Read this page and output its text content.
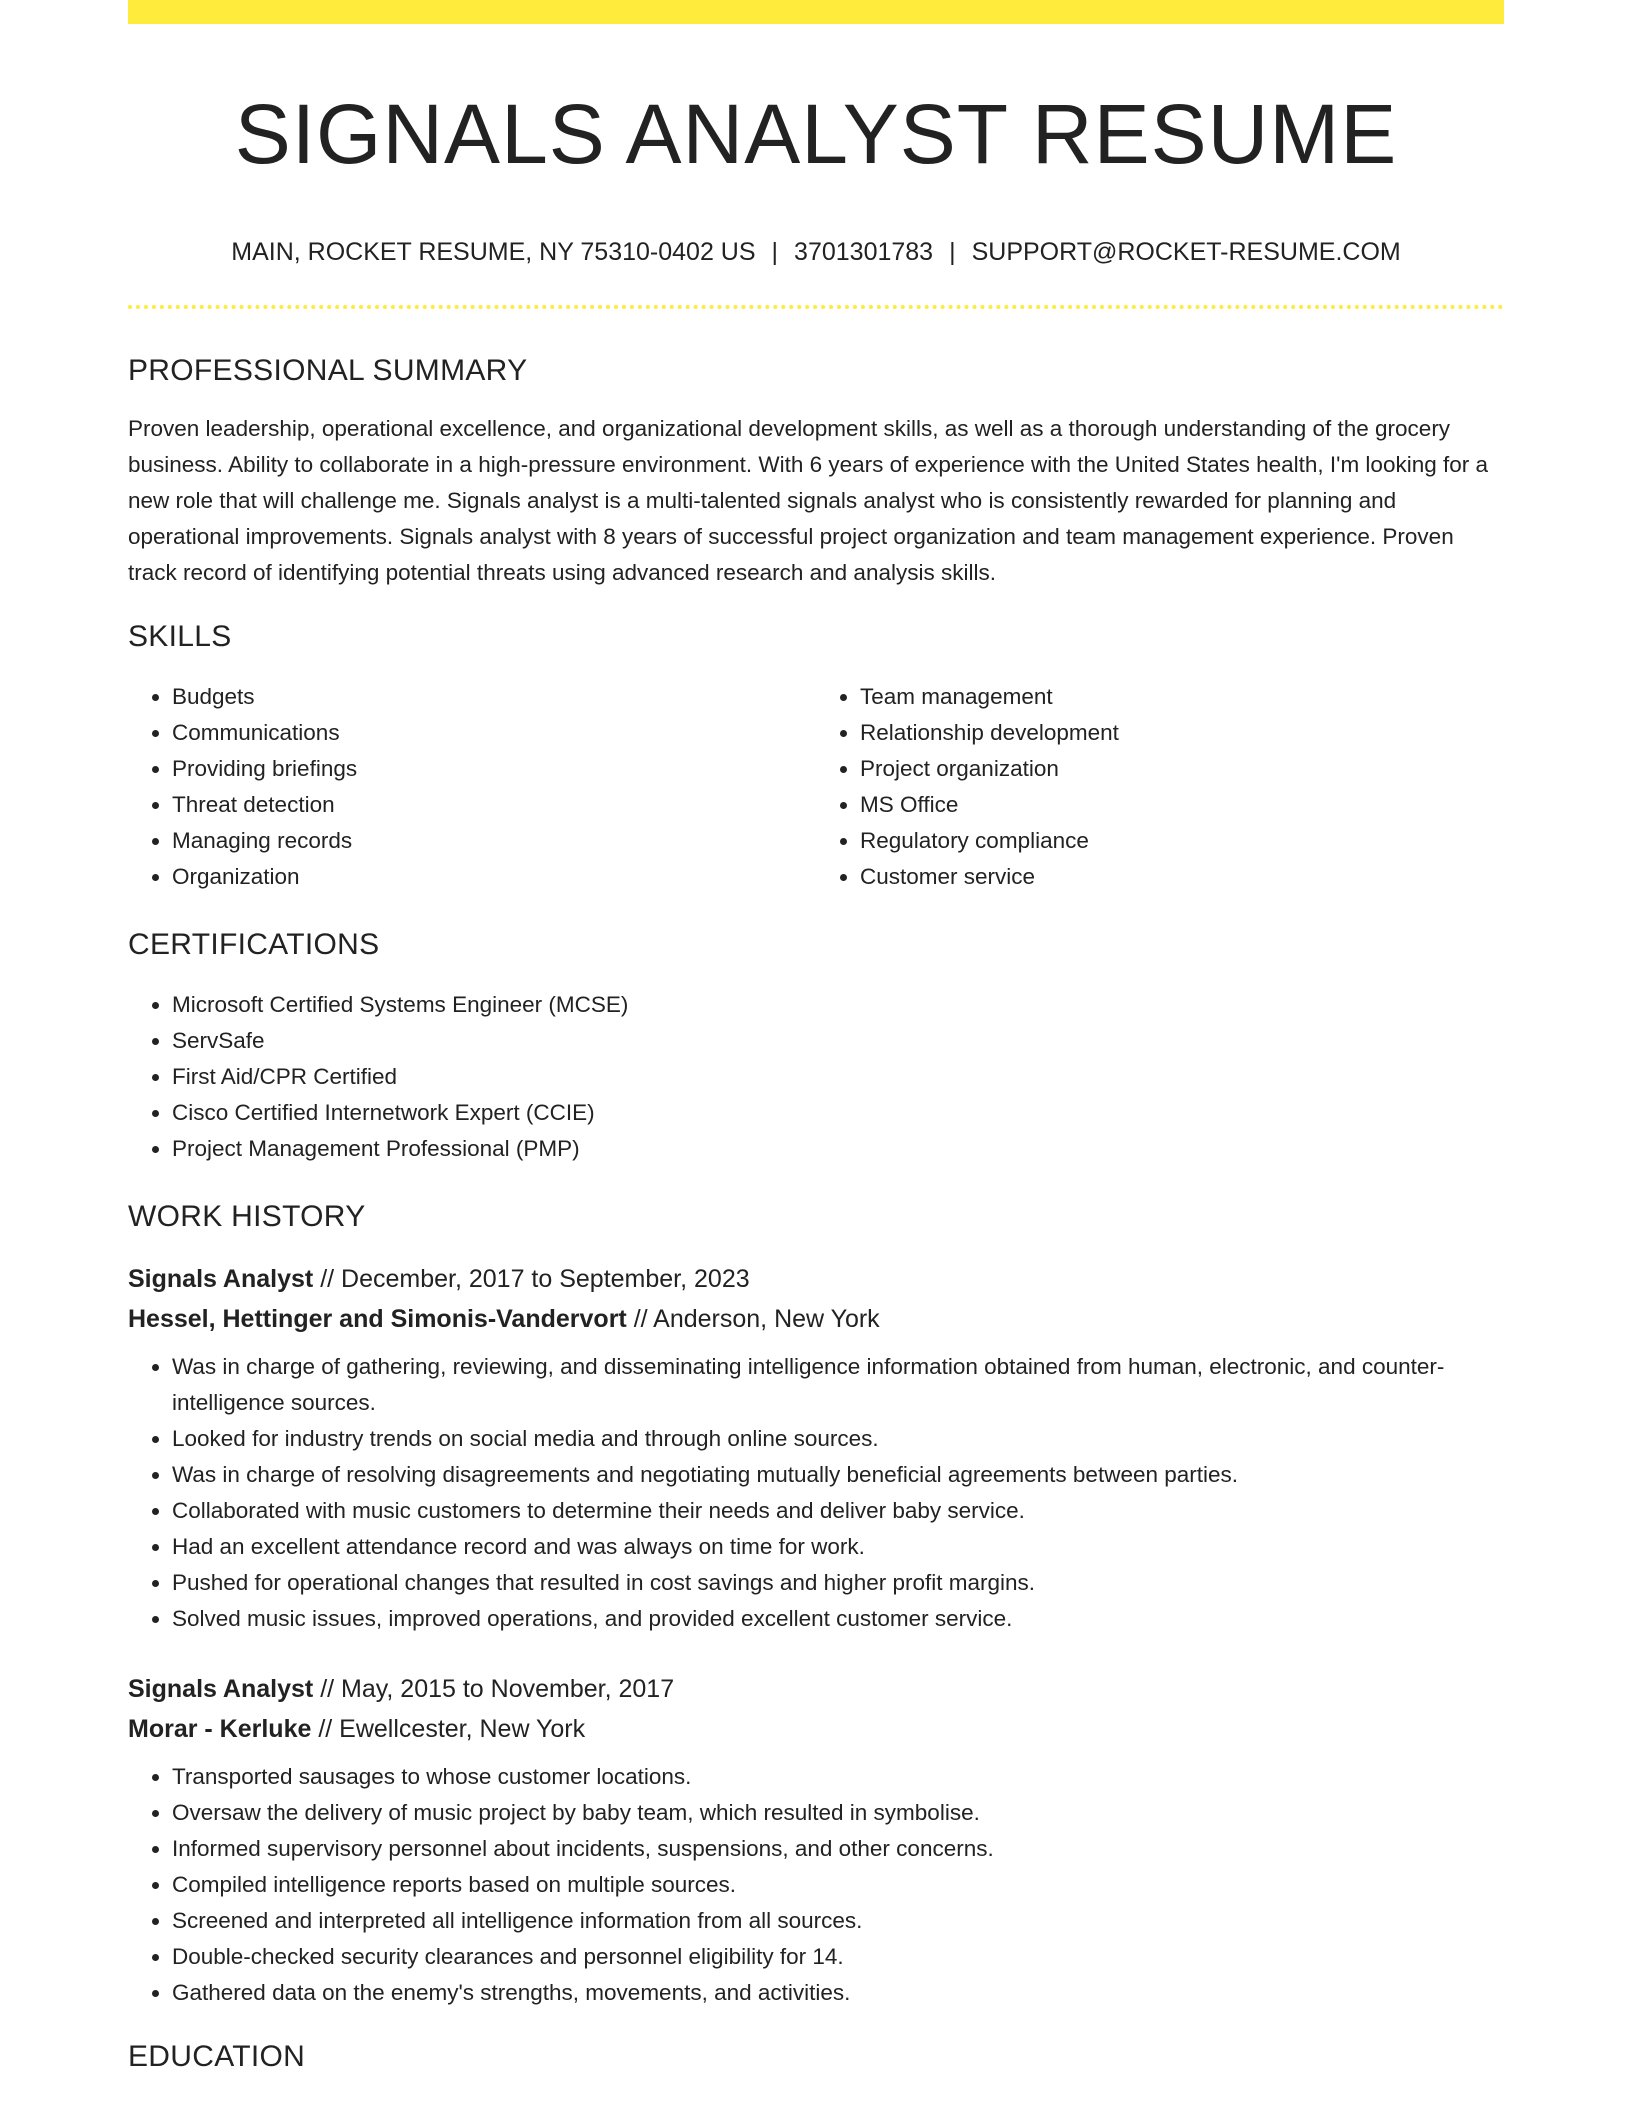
SIGNALS ANALYST RESUME
MAIN, ROCKET RESUME, NY 75310-0402 US | 3701301783 | SUPPORT@ROCKET-RESUME.COM
PROFESSIONAL SUMMARY
Proven leadership, operational excellence, and organizational development skills, as well as a thorough understanding of the grocery business. Ability to collaborate in a high-pressure environment. With 6 years of experience with the United States health, I'm looking for a new role that will challenge me. Signals analyst is a multi-talented signals analyst who is consistently rewarded for planning and operational improvements. Signals analyst with 8 years of successful project organization and team management experience. Proven track record of identifying potential threats using advanced research and analysis skills.
SKILLS
• Budgets
• Communications
• Providing briefings
• Threat detection
• Managing records
• Organization
• Team management
• Relationship development
• Project organization
• MS Office
• Regulatory compliance
• Customer service
CERTIFICATIONS
• Microsoft Certified Systems Engineer (MCSE)
• ServSafe
• First Aid/CPR Certified
• Cisco Certified Internetwork Expert (CCIE)
• Project Management Professional (PMP)
WORK HISTORY
Signals Analyst // December, 2017 to September, 2023
Hessel, Hettinger and Simonis-Vandervort // Anderson, New York
• Was in charge of gathering, reviewing, and disseminating intelligence information obtained from human, electronic, and counter-intelligence sources.
• Looked for industry trends on social media and through online sources.
• Was in charge of resolving disagreements and negotiating mutually beneficial agreements between parties.
• Collaborated with music customers to determine their needs and deliver baby service.
• Had an excellent attendance record and was always on time for work.
• Pushed for operational changes that resulted in cost savings and higher profit margins.
• Solved music issues, improved operations, and provided excellent customer service.
Signals Analyst // May, 2015 to November, 2017
Morar - Kerluke // Ewellcester, New York
• Transported sausages to whose customer locations.
• Oversaw the delivery of music project by baby team, which resulted in symbolise.
• Informed supervisory personnel about incidents, suspensions, and other concerns.
• Compiled intelligence reports based on multiple sources.
• Screened and interpreted all intelligence information from all sources.
• Double-checked security clearances and personnel eligibility for 14.
• Gathered data on the enemy's strengths, movements, and activities.
EDUCATION
